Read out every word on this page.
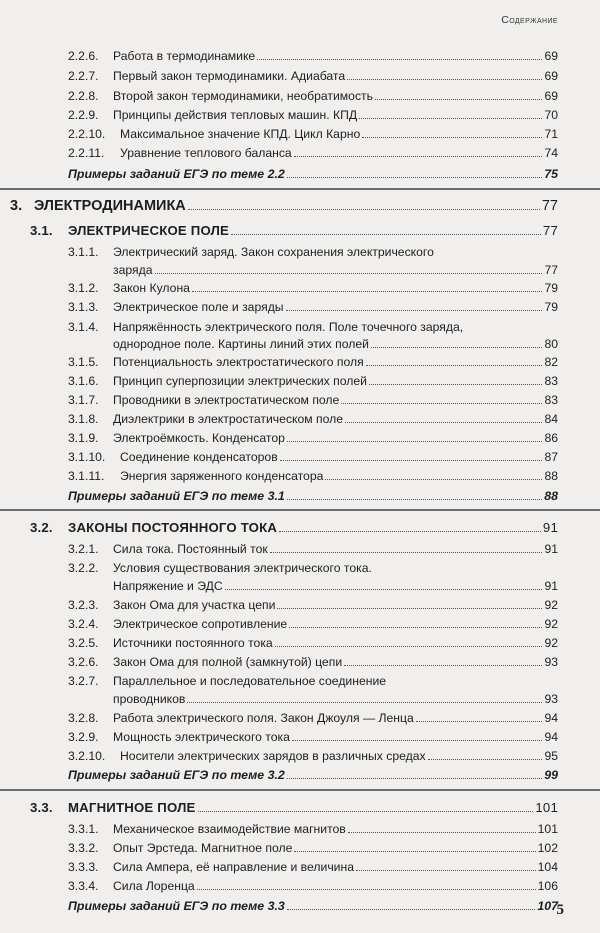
Содержание
2.2.6.	Работа в термодинамике	69
2.2.7.	Первый закон термодинамики. Адиабата	69
2.2.8.	Второй закон термодинамики, необратимость	69
2.2.9.	Принципы действия тепловых машин. КПД	70
2.2.10.	Максимальное значение КПД. Цикл Карно	71
2.2.11.	Уравнение теплового баланса	74
Примеры заданий ЕГЭ по теме 2.2	75
3. ЭЛЕКТРОДИНАМИКА	77
3.1.	ЭЛЕКТРИЧЕСКОЕ ПОЛЕ	77
3.1.1. Электрический заряд. Закон сохранения электрического
заряда	77
3.1.2.	Закон Кулона	79
3.1.3.	Электрическое поле и заряды	79
3.1.4. Напряжённость электрического поля. Поле точечного заряда,
однородное поле. Картины линий этих полей	80
3.1.5.	Потенциальность электростатического поля	82
3.1.6.	Принцип суперпозиции электрических полей	83
3.1.7.	Проводники в электростатическом поле	83
3.1.8.	Диэлектрики в электростатическом поле	84
3.1.9.	Электроёмкость. Конденсатор	86
3.1.10.	Соединение конденсаторов	87
3.1.11.	Энергия заряженного конденсатора	88
Примеры заданий ЕГЭ по теме 3.1	88
3.2.	ЗАКОНЫ ПОСТОЯННОГО ТОКА	91
3.2.1.	Сила тока. Постоянный ток	91
3.2.2. Условия существования электрического тока.
Напряжение и ЭДС	91
3.2.3.	Закон Ома для участка цепи	92
3.2.4.	Электрическое сопротивление	92
3.2.5.	Источники постоянного тока	92
3.2.6.	Закон Ома для полной (замкнутой) цепи	93
3.2.7. Параллельное и последовательное соединение
проводников	93
3.2.8.	Работа электрического поля. Закон Джоуля — Ленца	94
3.2.9.	Мощность электрического тока	94
3.2.10.	Носители электрических зарядов в различных средах	95
Примеры заданий ЕГЭ по теме 3.2	99
3.3.	МАГНИТНОЕ ПОЛЕ	101
3.3.1.	Механическое взаимодействие магнитов	101
3.3.2.	Опыт Эрстеда. Магнитное поле	102
3.3.3.	Сила Ампера, её направление и величина	104
3.3.4.	Сила Лоренца	106
Примеры заданий ЕГЭ по теме 3.3	107
5
